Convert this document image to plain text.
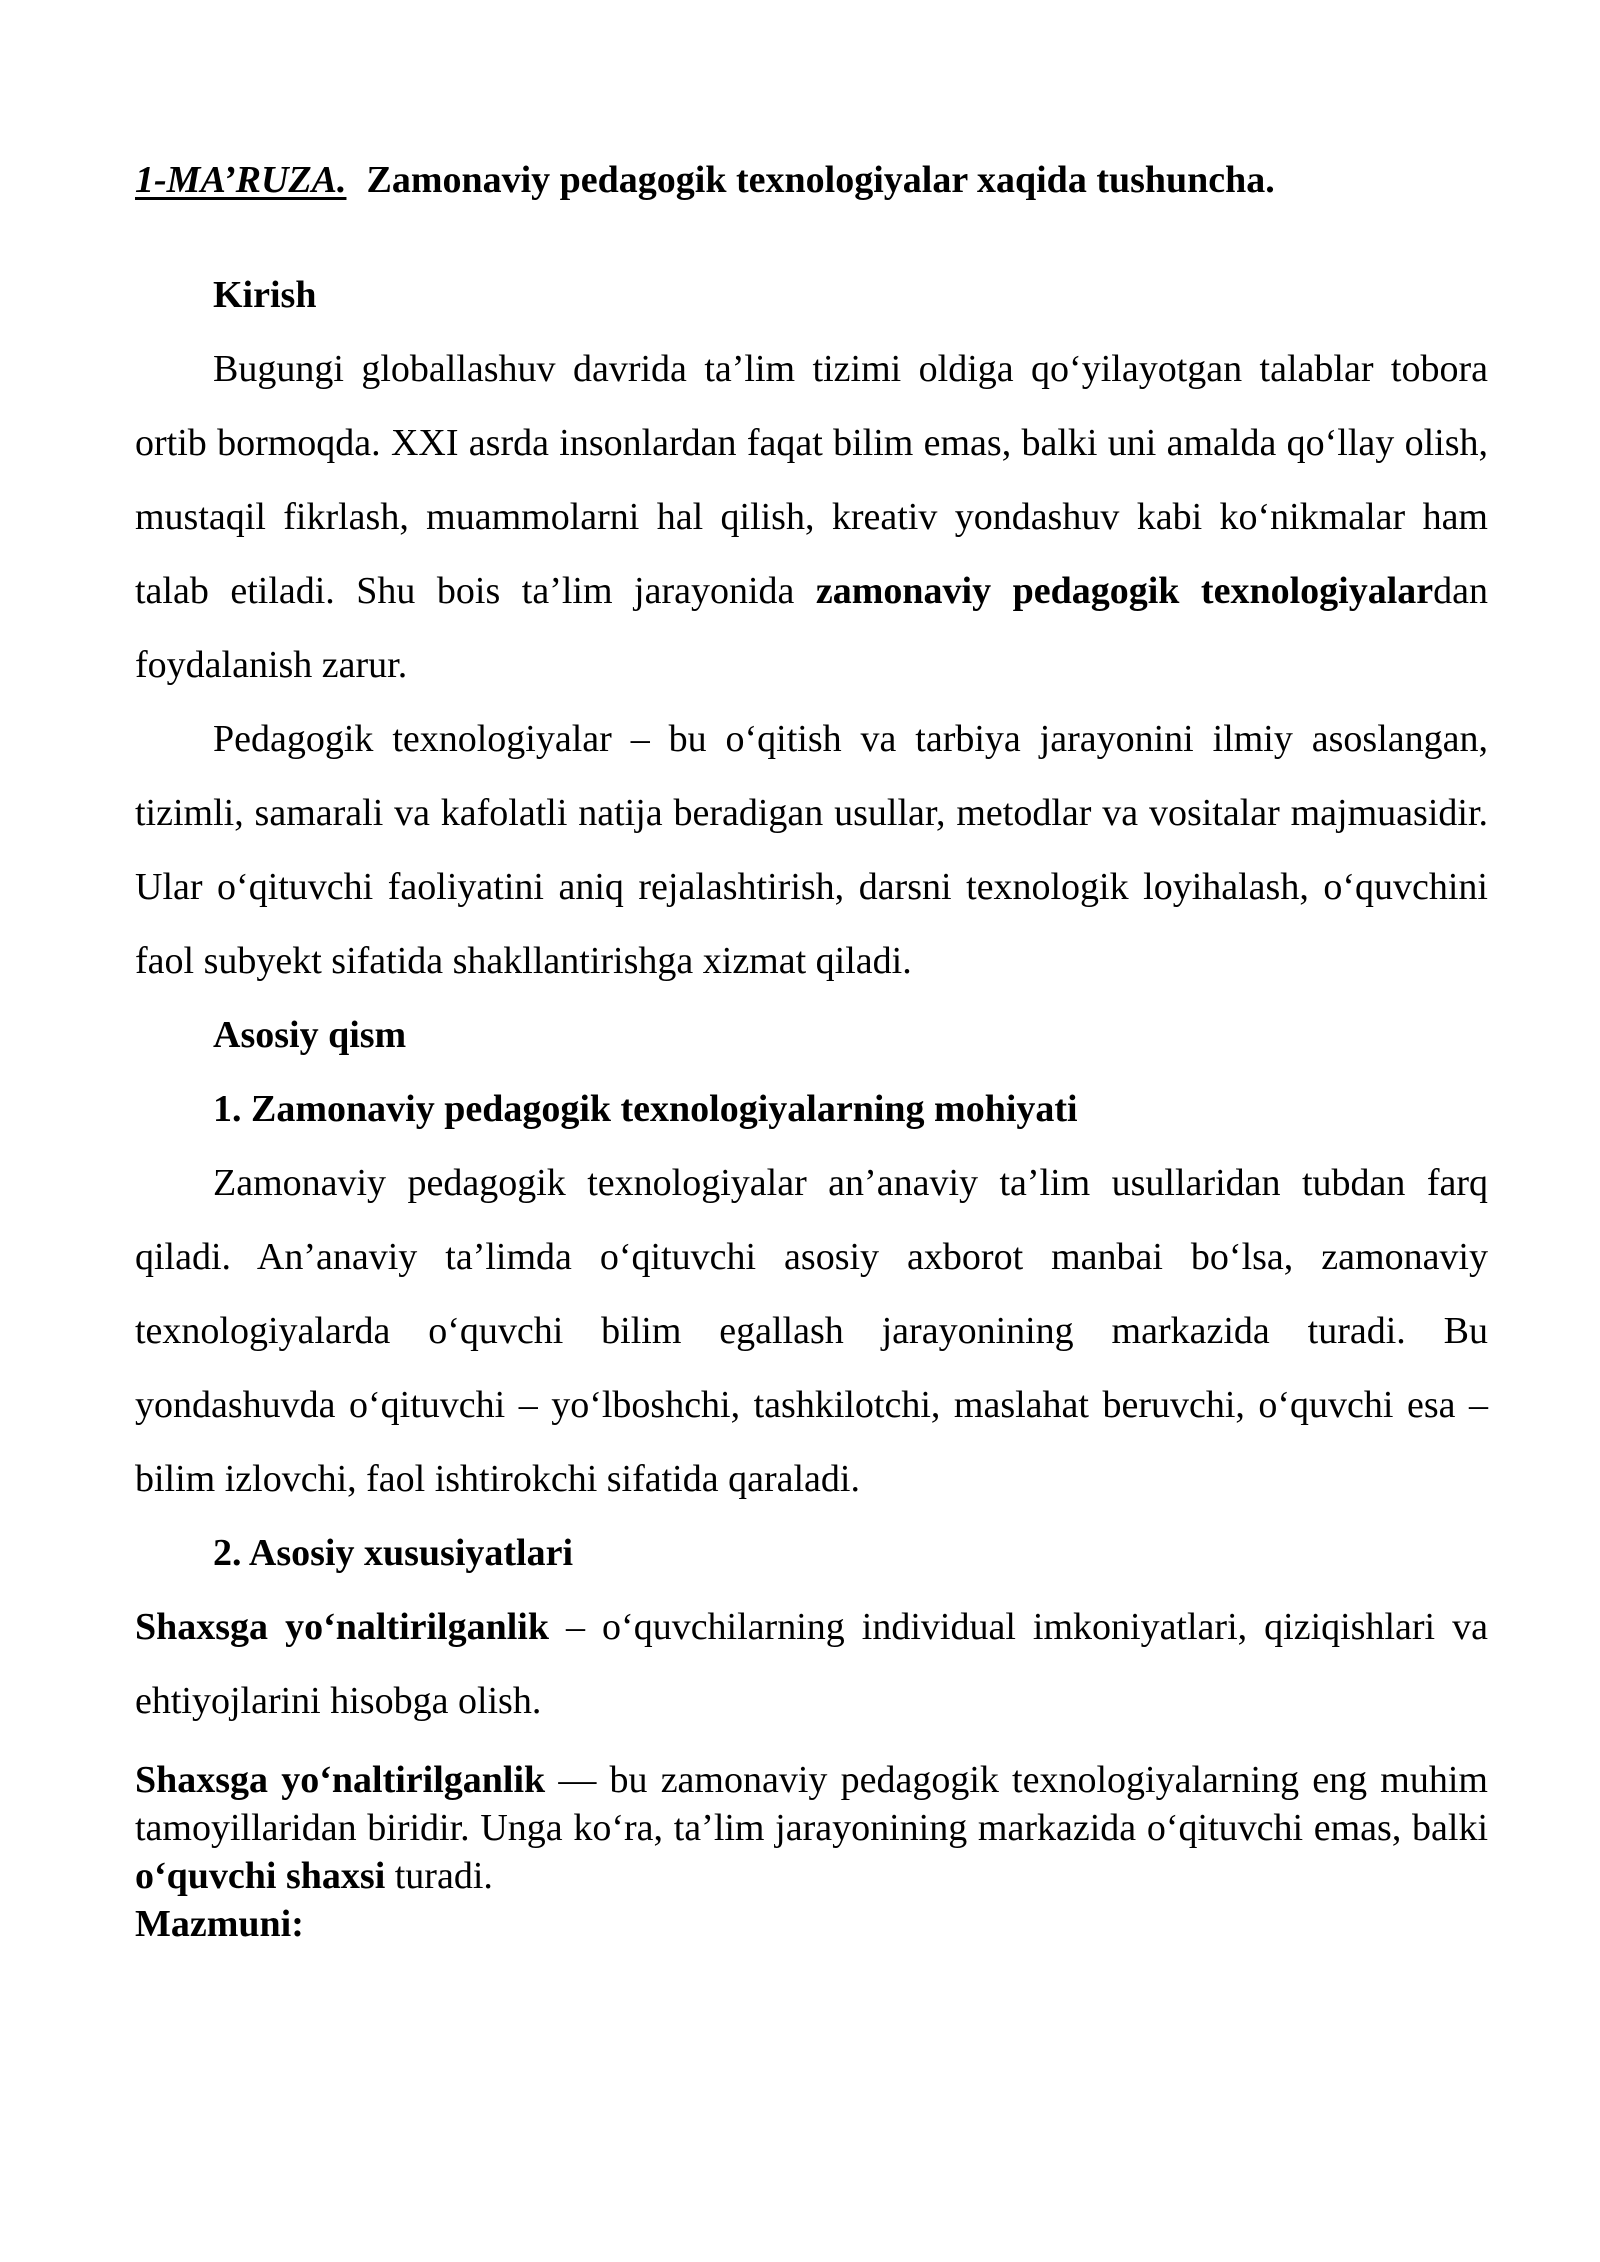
1-MA’RUZA. Zamonaviy pedagogik texnologiyalar xaqida tushuncha.

Kirish

Bugungi globallashuv davrida ta’lim tizimi oldiga qo‘yilayotgan talablar tobora ortib bormoqda. XXI asrda insonlardan faqat bilim emas, balki uni amalda qo‘llay olish, mustaqil fikrlash, muammolarni hal qilish, kreativ yondashuv kabi ko‘nikmalar ham talab etiladi. Shu bois ta’lim jarayonida zamonaviy pedagogik texnologiyalardan foydalanish zarur.

Pedagogik texnologiyalar – bu o‘qitish va tarbiya jarayonini ilmiy asoslangan, tizimli, samarali va kafolatli natija beradigan usullar, metodlar va vositalar majmuasidir. Ular o‘qituvchi faoliyatini aniq rejalashtirish, darsni texnologik loyihalash, o‘quvchini faol subyekt sifatida shakllantirishga xizmat qiladi.

Asosiy qism

1. Zamonaviy pedagogik texnologiyalarning mohiyati

Zamonaviy pedagogik texnologiyalar an’anaviy ta’lim usullaridan tubdan farq qiladi. An’anaviy ta’limda o‘qituvchi asosiy axborot manbai bo‘lsa, zamonaviy texnologiyalarda o‘quvchi bilim egallash jarayonining markazida turadi. Bu yondashuvda o‘qituvchi – yo‘lboshchi, tashkilotchi, maslahat beruvchi, o‘quvchi esa – bilim izlovchi, faol ishtirokchi sifatida qaraladi.

2. Asosiy xususiyatlari

Shaxsga yo‘naltirilganlik – o‘quvchilarning individual imkoniyatlari, qiziqishlari va ehtiyojlarini hisobga olish.

Shaxsga yo‘naltirilganlik — bu zamonaviy pedagogik texnologiyalarning eng muhim tamoyillaridan biridir. Unga ko‘ra, ta’lim jarayonining markazida o‘qituvchi emas, balki o‘quvchi shaxsi turadi.

Mazmuni:
